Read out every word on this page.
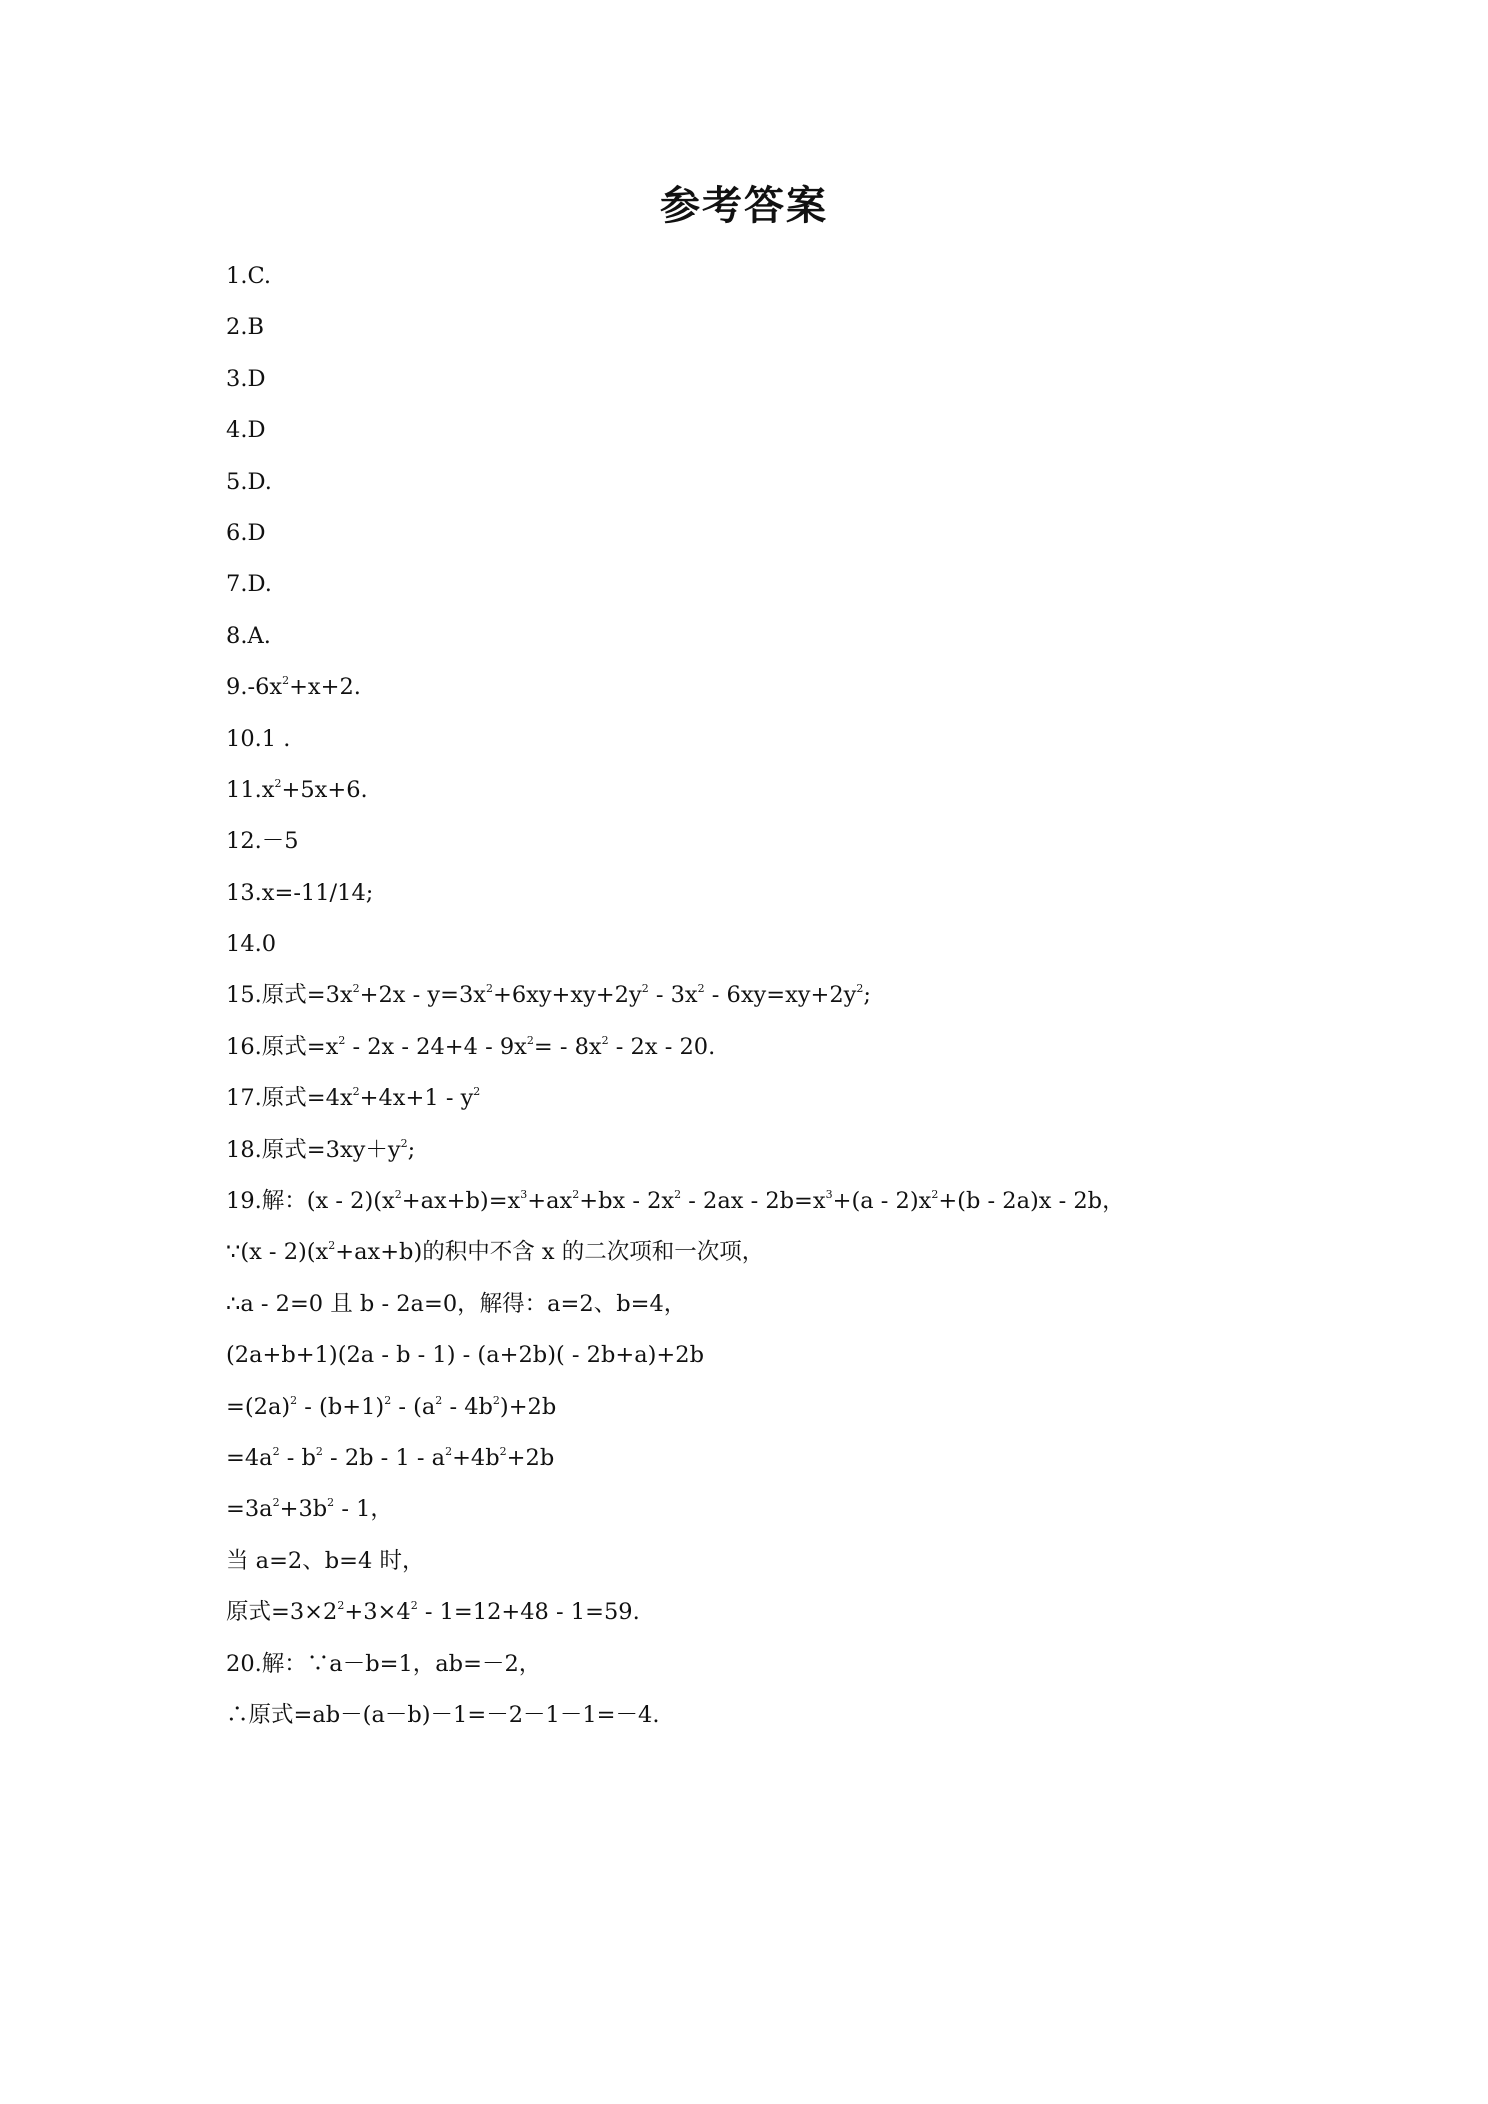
参考答案
1.C.
2.B
3.D
4.D
5.D.
6.D
7.D.
8.A.
$9.-6x^2+x+2$.
10.1 .
$11.x^2+5x+6$.
12.－5
13.x=-11/14;
14.0
15.原式$=3x^2+2x - y=3x^2+6xy+xy+2y^2 - 3x^2 - 6xy=xy+2y^2$;
16.原式$=x^2 - 2x - 24+4 - 9x^2= - 8x^2 - 2x - 20$.
17.原式$=4x^2+4x+1 - y^2$
18.原式$=3xy+y^2$;
19.解：$(x - 2)(x^2+ax+b)=x^3+ax^2+bx - 2x^2 - 2ax - 2b=x^3+(a - 2)x^2+(b - 2a)x - 2b$，
∵(x - $2)(x^2+ax+b)$的积中不含 x 的二次项和一次项，
∴a - 2=0 且 b - 2a=0，解得：a=2、b=4，
(2a+b+1)(2a - b - 1) - (a+2b)( - 2b+a)+2b
$=(2a)^2 - (b+1)^2 - (a^2 - 4b^2)+2b$
$=4a^2 - b^2 - 2b - 1 - a^2+4b^2+2b$
$=3a^2+3b^2 - 1$，
当 a=2、b=4 时，
原式$=3\times 2^2+3\times 4^2 - 1=12+48 - 1=59$.
20.解：∵a－b=1，ab=－2，
∴原式=ab－(a－b)－1=－2－1－1=－4.
